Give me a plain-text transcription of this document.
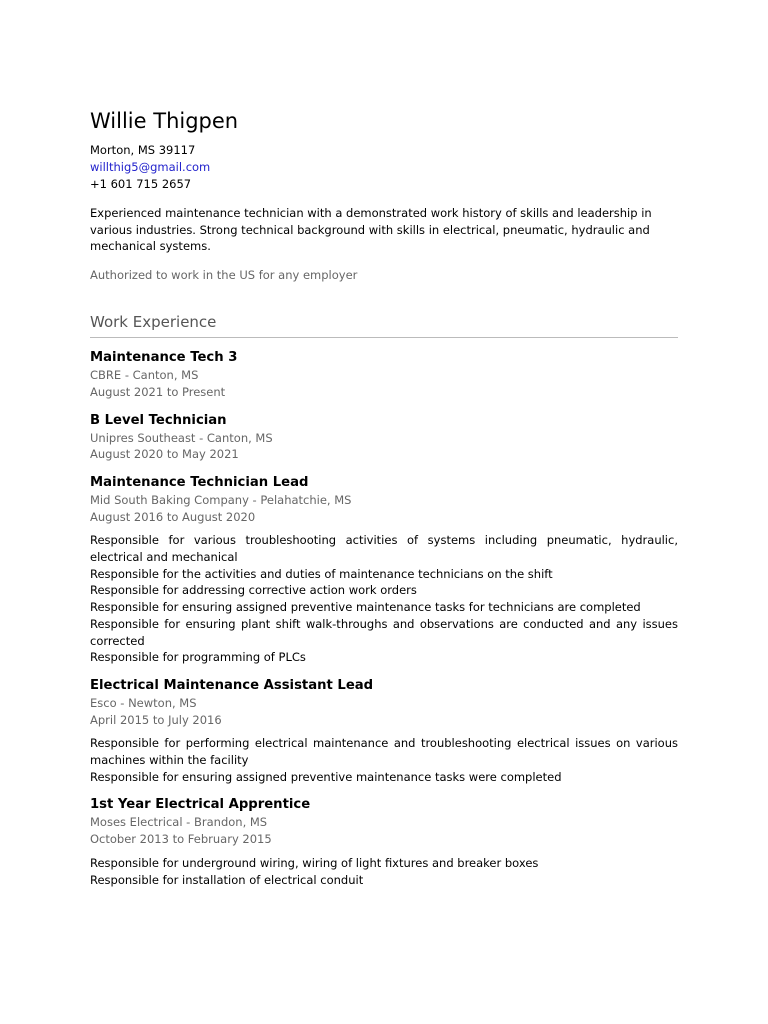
Willie Thigpen
Morton, MS 39117
willthig5@gmail.com
+1 601 715 2657
Experienced maintenance technician with a demonstrated work history of skills and leadership in various industries. Strong technical background with skills in electrical, pneumatic, hydraulic and mechanical systems.
Authorized to work in the US for any employer
Work Experience
Maintenance Tech 3
CBRE - Canton, MS
August 2021 to Present
B Level Technician
Unipres Southeast - Canton, MS
August 2020 to May 2021
Maintenance Technician Lead
Mid South Baking Company - Pelahatchie, MS
August 2016 to August 2020
Responsible for various troubleshooting activities of systems including pneumatic, hydraulic, electrical and mechanical
Responsible for the activities and duties of maintenance technicians on the shift
Responsible for addressing corrective action work orders
Responsible for ensuring assigned preventive maintenance tasks for technicians are completed
Responsible for ensuring plant shift walk-throughs and observations are conducted and any issues corrected
Responsible for programming of PLCs
Electrical Maintenance Assistant Lead
Esco - Newton, MS
April 2015 to July 2016
Responsible for performing electrical maintenance and troubleshooting electrical issues on various machines within the facility
Responsible for ensuring assigned preventive maintenance tasks were completed
1st Year Electrical Apprentice
Moses Electrical - Brandon, MS
October 2013 to February 2015
Responsible for underground wiring, wiring of light fixtures and breaker boxes
Responsible for installation of electrical conduit
